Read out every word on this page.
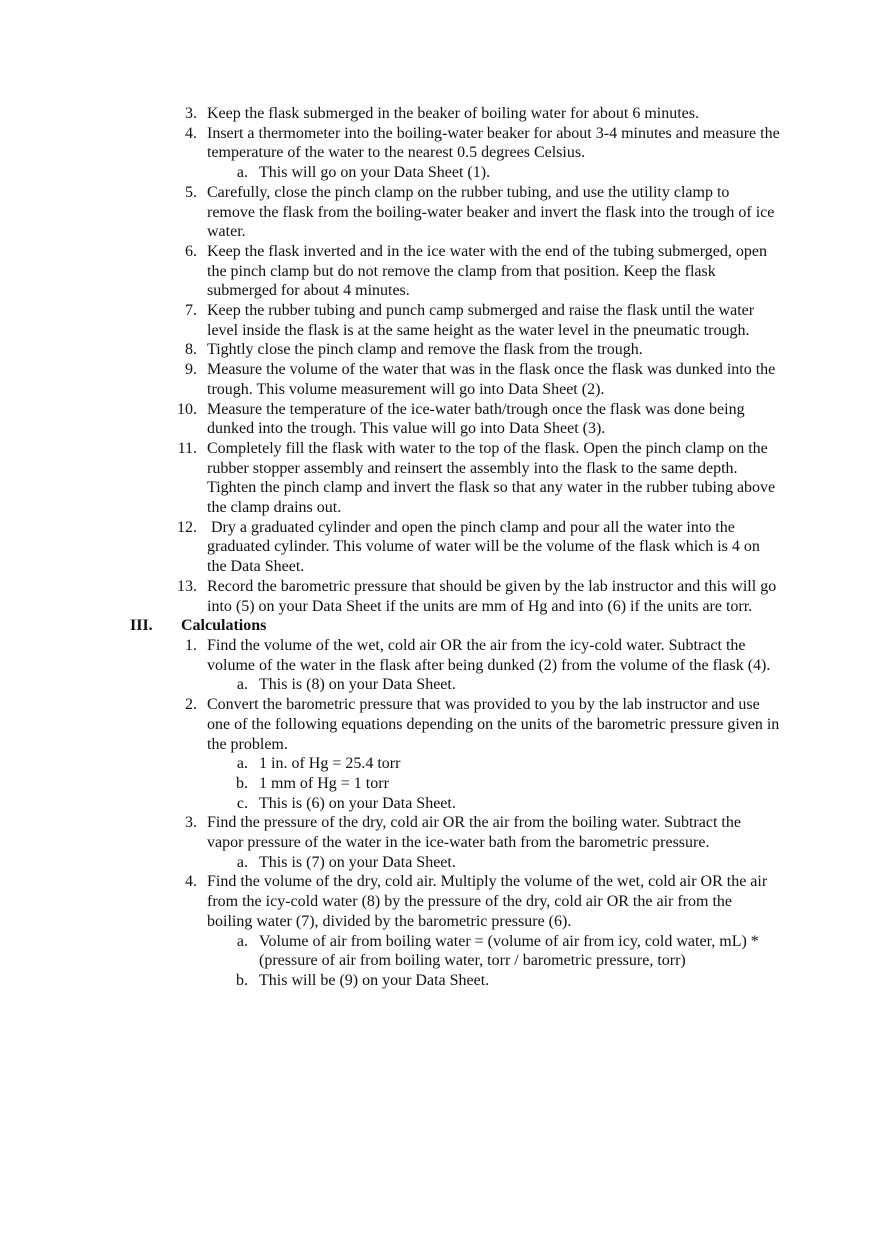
3. Keep the flask submerged in the beaker of boiling water for about 6 minutes.
4. Insert a thermometer into the boiling-water beaker for about 3-4 minutes and measure the temperature of the water to the nearest 0.5 degrees Celsius.
a. This will go on your Data Sheet (1).
5. Carefully, close the pinch clamp on the rubber tubing, and use the utility clamp to remove the flask from the boiling-water beaker and invert the flask into the trough of ice water.
6. Keep the flask inverted and in the ice water with the end of the tubing submerged, open the pinch clamp but do not remove the clamp from that position. Keep the flask submerged for about 4 minutes.
7. Keep the rubber tubing and punch camp submerged and raise the flask until the water level inside the flask is at the same height as the water level in the pneumatic trough.
8. Tightly close the pinch clamp and remove the flask from the trough.
9. Measure the volume of the water that was in the flask once the flask was dunked into the trough. This volume measurement will go into Data Sheet (2).
10. Measure the temperature of the ice-water bath/trough once the flask was done being dunked into the trough. This value will go into Data Sheet (3).
11. Completely fill the flask with water to the top of the flask. Open the pinch clamp on the rubber stopper assembly and reinsert the assembly into the flask to the same depth. Tighten the pinch clamp and invert the flask so that any water in the rubber tubing above the clamp drains out.
12. Dry a graduated cylinder and open the pinch clamp and pour all the water into the graduated cylinder. This volume of water will be the volume of the flask which is 4 on the Data Sheet.
13. Record the barometric pressure that should be given by the lab instructor and this will go into (5) on your Data Sheet if the units are mm of Hg and into (6) if the units are torr.
III.	Calculations
1. Find the volume of the wet, cold air OR the air from the icy-cold water. Subtract the volume of the water in the flask after being dunked (2) from the volume of the flask (4).
a. This is (8) on your Data Sheet.
2. Convert the barometric pressure that was provided to you by the lab instructor and use one of the following equations depending on the units of the barometric pressure given in the problem.
a. 1 in. of Hg = 25.4 torr
b. 1 mm of Hg = 1 torr
c. This is (6) on your Data Sheet.
3. Find the pressure of the dry, cold air OR the air from the boiling water. Subtract the vapor pressure of the water in the ice-water bath from the barometric pressure.
a. This is (7) on your Data Sheet.
4. Find the volume of the dry, cold air. Multiply the volume of the wet, cold air OR the air from the icy-cold water (8) by the pressure of the dry, cold air OR the air from the boiling water (7), divided by the barometric pressure (6).
a. Volume of air from boiling water = (volume of air from icy, cold water, mL) * (pressure of air from boiling water, torr / barometric pressure, torr)
b. This will be (9) on your Data Sheet.
